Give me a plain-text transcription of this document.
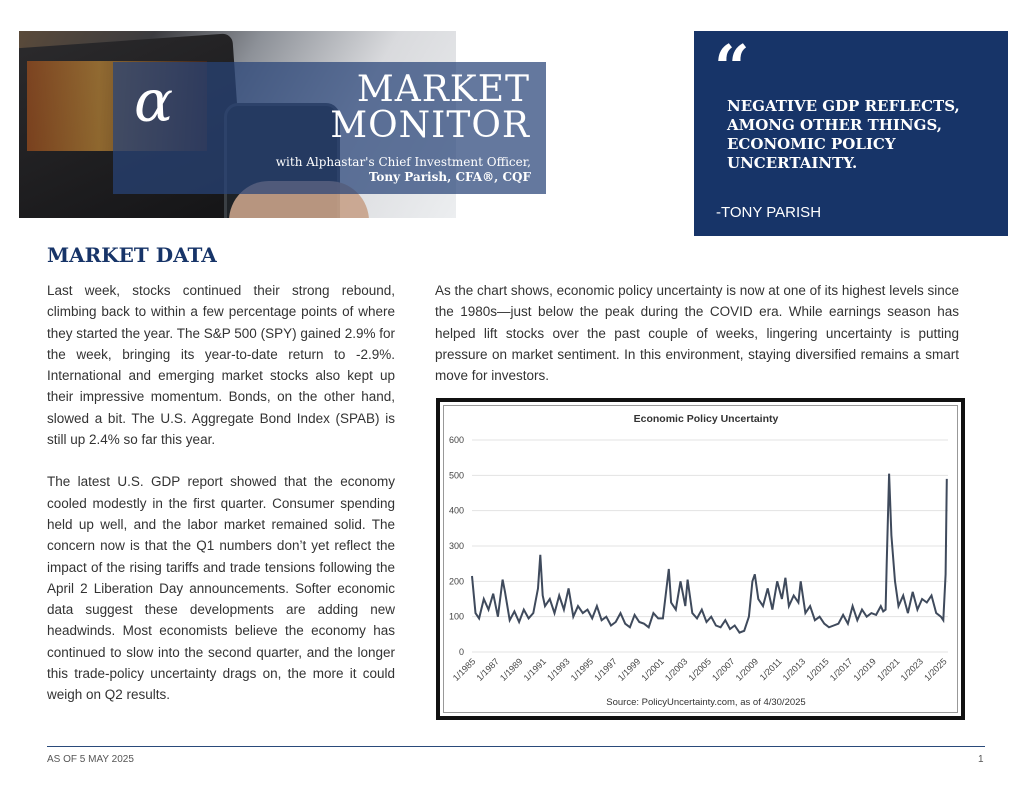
α	MARKET
MONITOR
with Alphastar's Chief Investment Officer,
Tony Parish, CFA®, CQF
“
NEGATIVE GDP REFLECTS, AMONG OTHER THINGS, ECONOMIC POLICY UNCERTAINTY.
-TONY PARISH
MARKET DATA

Last week, stocks continued their strong rebound, climbing back to within a few percentage points of where they started the year. The S&P 500 (SPY) gained 2.9% for the week, bringing its year-to-date return to -2.9%. International and emerging market stocks also kept up their impressive momentum. Bonds, on the other hand, slowed a bit. The U.S. Aggregate Bond Index (SPAB) is still up 2.4% so far this year.

The latest U.S. GDP report showed that the economy cooled modestly in the first quarter. Consumer spending held up well, and the labor market remained solid. The concern now is that the Q1 numbers don’t yet reflect the impact of the rising tariffs and trade tensions following the April 2 Liberation Day announcements. Softer economic data suggest these developments are adding new headwinds. Most economists believe the economy has continued to slow into the second quarter, and the longer this trade-policy uncertainty drags on, the more it could weigh on Q2 results.

As the chart shows, economic policy uncertainty is now at one of its highest levels since the 1980s—just below the peak during the COVID era. While earnings season has helped lift stocks over the past couple of weeks, lingering uncertainty is putting pressure on market sentiment. In this environment, staying diversified remains a smart move for investors.

0
100
200
300
400
500
600
1/1985
1/1987
1/1989
1/1991
1/1993
1/1995
1/1997
1/1999
1/2001
1/2003
1/2005
1/2007
1/2009
1/2011
1/2013
1/2015
1/2017
1/2019
1/2021
1/2023
1/2025
Economic Policy Uncertainty
Source: PolicyUncertainty.com, as of 4/30/2025
AS OF 5 MAY 2025	1
